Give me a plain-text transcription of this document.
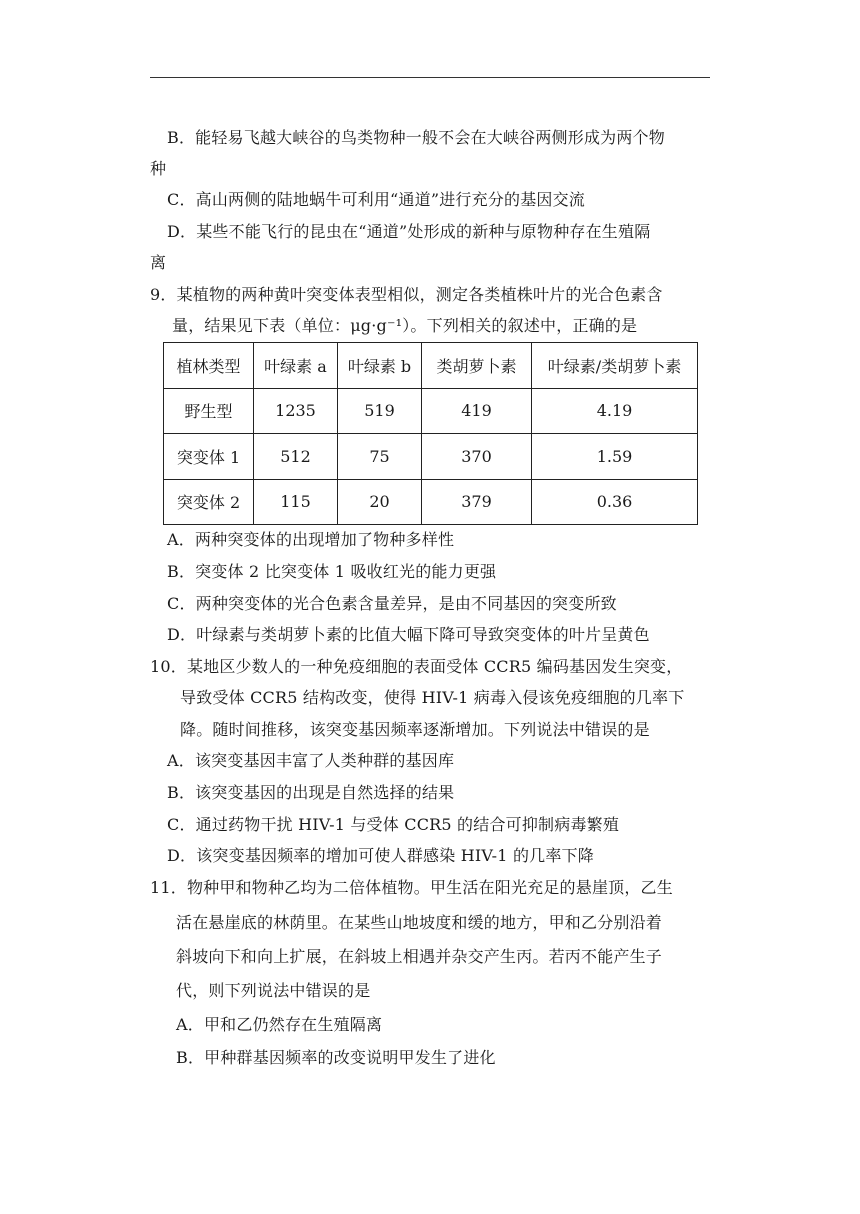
B．能轻易飞越大峡谷的鸟类物种一般不会在大峡谷两侧形成为两个物
种
C．高山两侧的陆地蜗牛可利用“通道”进行充分的基因交流
D．某些不能飞行的昆虫在“通道”处形成的新种与原物种存在生殖隔
离
9．某植物的两种黄叶突变体表型相似，测定各类植株叶片的光合色素含
量，结果见下表（单位：μg·g⁻¹）。下列相关的叙述中，正确的是
植林类型	叶绿素 a	叶绿素 b	类胡萝卜素	叶绿素/类胡萝卜素
野生型	1235	519	419	4.19
突变体 1	512	75	370	1.59
突变体 2	115	20	379	0.36
A．两种突变体的出现增加了物种多样性
B．突变体 2 比突变体 1 吸收红光的能力更强
C．两种突变体的光合色素含量差异，是由不同基因的突变所致
D．叶绿素与类胡萝卜素的比值大幅下降可导致突变体的叶片呈黄色
10．某地区少数人的一种免疫细胞的表面受体 CCR5 编码基因发生突变，
导致受体 CCR5 结构改变，使得 HIV-1 病毒入侵该免疫细胞的几率下
降。随时间推移，该突变基因频率逐渐增加。下列说法中错误的是
A．该突变基因丰富了人类种群的基因库
B．该突变基因的出现是自然选择的结果
C．通过药物干扰 HIV-1 与受体 CCR5 的结合可抑制病毒繁殖
D．该突变基因频率的增加可使人群感染 HIV-1 的几率下降
11．物种甲和物种乙均为二倍体植物。甲生活在阳光充足的悬崖顶，乙生
活在悬崖底的林荫里。在某些山地坡度和缓的地方，甲和乙分别沿着
斜坡向下和向上扩展，在斜坡上相遇并杂交产生丙。若丙不能产生子
代，则下列说法中错误的是
A．甲和乙仍然存在生殖隔离
B．甲种群基因频率的改变说明甲发生了进化
